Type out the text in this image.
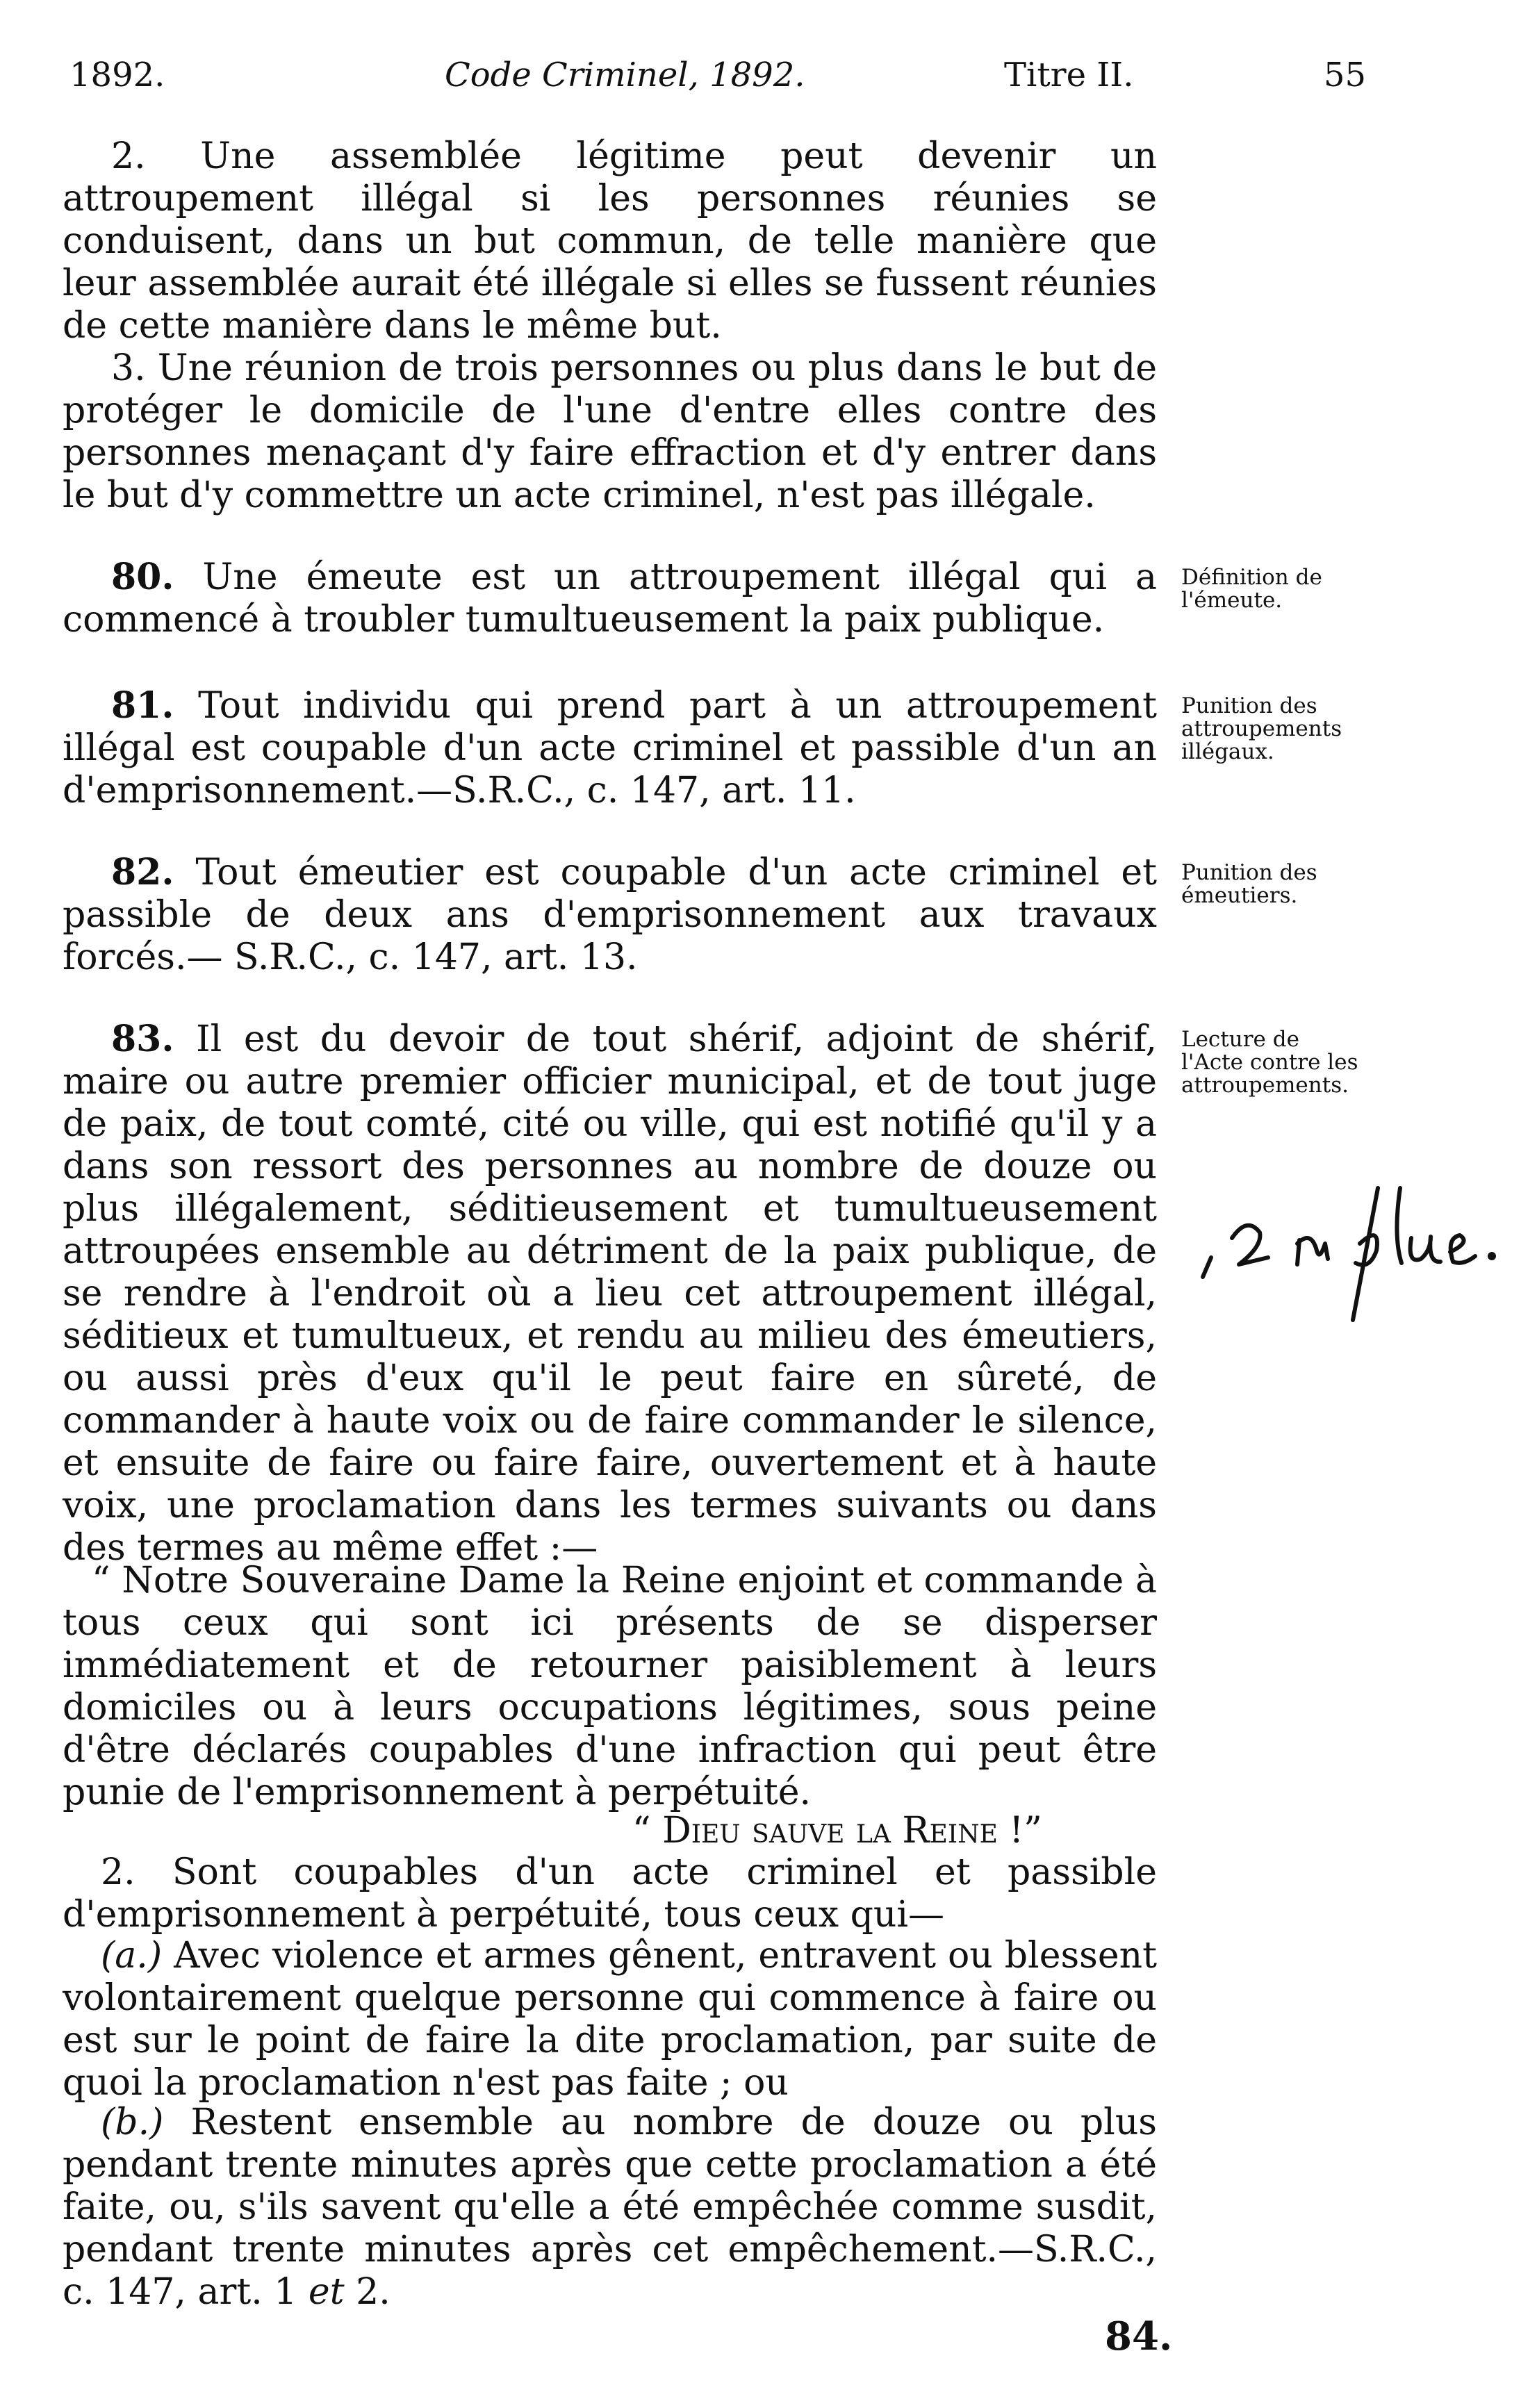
1892.	Code Criminel, 1892.	Titre II.	55

2. Une assemblée légitime peut devenir un attroupement illégal si les personnes réunies se conduisent, dans un but commun, de telle manière que leur assemblée aurait été illégale si elles se fussent réunies de cette manière dans le même but.

3. Une réunion de trois personnes ou plus dans le but de protéger le domicile de l'une d'entre elles contre des personnes menaçant d'y faire effraction et d'y entrer dans le but d'y commettre un acte criminel, n'est pas illégale.

80. Une émeute est un attroupement illégal qui a commencé à troubler tumultueusement la paix publique.

Définition de l'émeute.

81. Tout individu qui prend part à un attroupement illégal est coupable d'un acte criminel et passible d'un an d'emprisonnement.—S.R.C., c. 147, art. 11.

Punition des attroupements illégaux.

82. Tout émeutier est coupable d'un acte criminel et passible de deux ans d'emprisonnement aux travaux forcés.— S.R.C., c. 147, art. 13.

Punition des émeutiers.

83. Il est du devoir de tout shérif, adjoint de shérif, maire ou autre premier officier municipal, et de tout juge de paix, de tout comté, cité ou ville, qui est notifié qu'il y a dans son ressort des personnes au nombre de douze ou plus illégalement, séditieusement et tumultueusement attroupées ensemble au détriment de la paix publique, de se rendre à l'endroit où a lieu cet attroupement illégal, séditieux et tumultueux, et rendu au milieu des émeutiers, ou aussi près d'eux qu'il le peut faire en sûreté, de commander à haute voix ou de faire commander le silence, et ensuite de faire ou faire faire, ouvertement et à haute voix, une proclamation dans les termes suivants ou dans des termes au même effet :—

Lecture de l'Acte contre les attroupements.

“ Notre Souveraine Dame la Reine enjoint et commande à tous ceux qui sont ici présents de se disperser immédiatement et de retourner paisiblement à leurs domiciles ou à leurs occupations légitimes, sous peine d'être déclarés coupables d'une infraction qui peut être punie de l'emprisonnement à perpétuité.

“ Dieu sauve la Reine !”

2. Sont coupables d'un acte criminel et passible d'emprisonnement à perpétuité, tous ceux qui—

(a.) Avec violence et armes gênent, entravent ou blessent volontairement quelque personne qui commence à faire ou est sur le point de faire la dite proclamation, par suite de quoi la proclamation n'est pas faite ; ou

(b.) Restent ensemble au nombre de douze ou plus pendant trente minutes après que cette proclamation a été faite, ou, s'ils savent qu'elle a été empêchée comme susdit, pendant trente minutes après cet empêchement.—S.R.C., c. 147, art. 1 et 2.

84.
